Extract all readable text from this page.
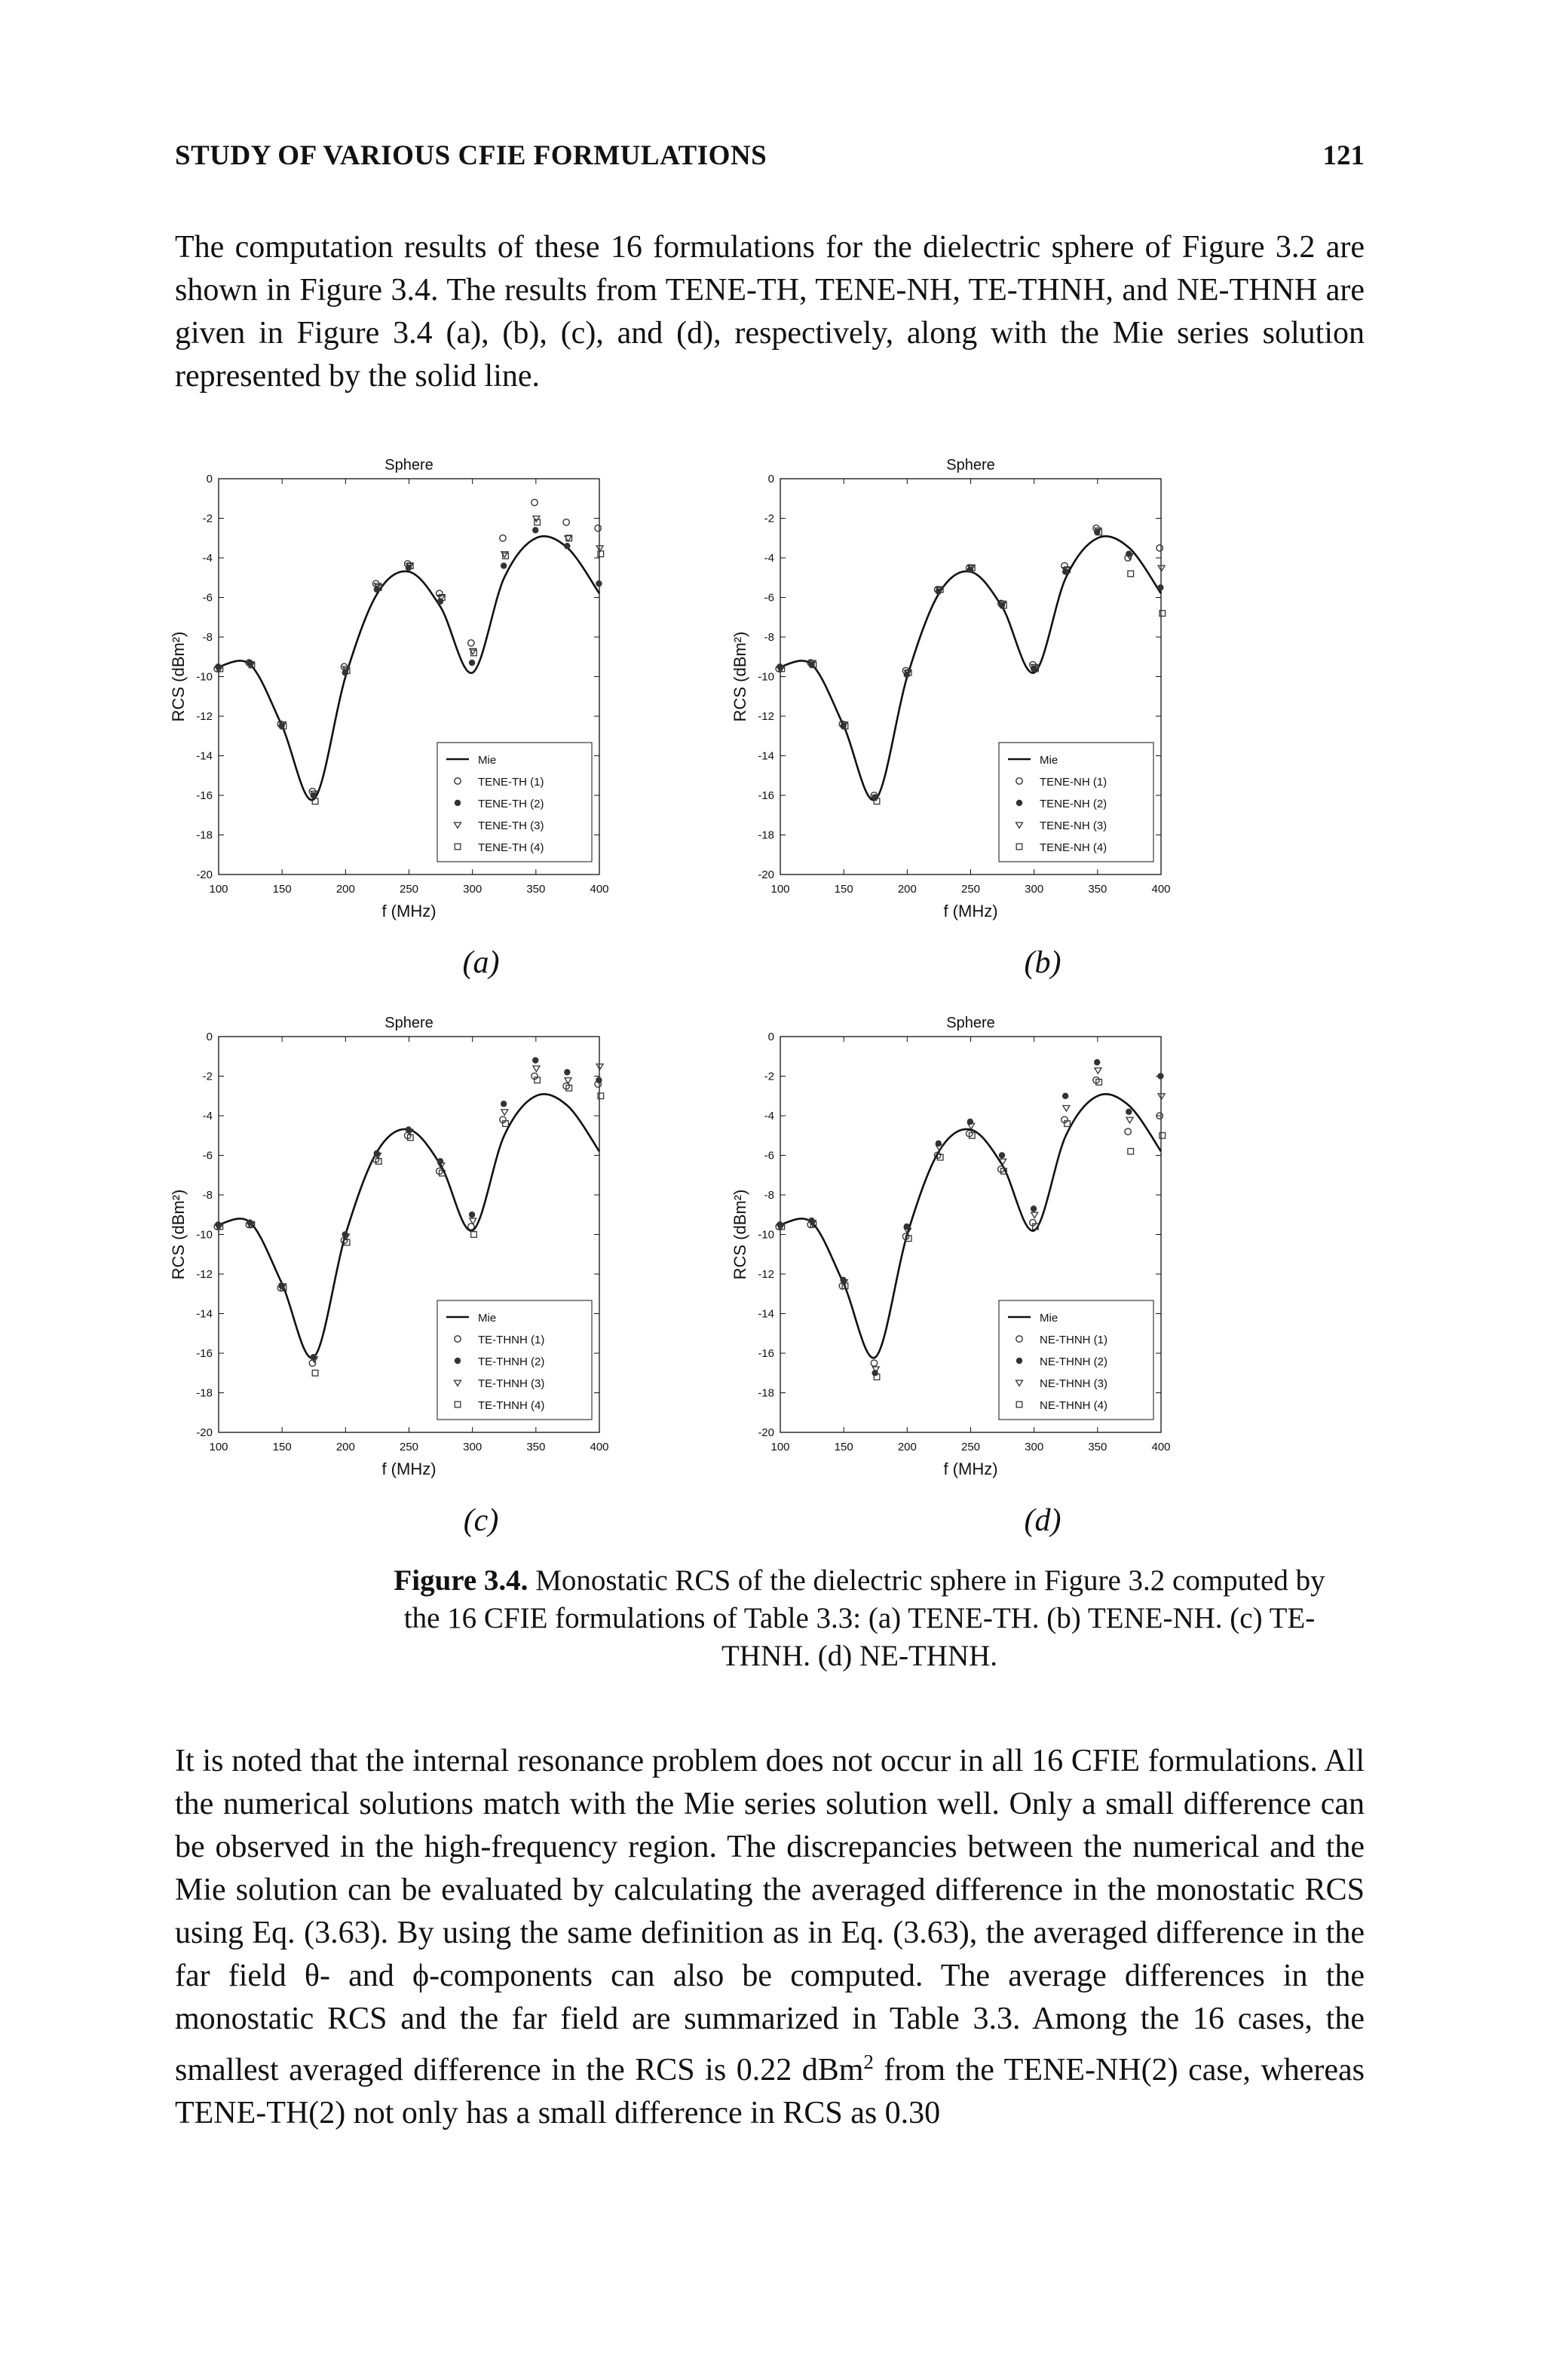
STUDY OF VARIOUS CFIE FORMULATIONS	121

The computation results of these 16 formulations for the dielectric sphere of Figure 3.2 are shown in Figure 3.4. The results from TENE-TH, TENE-NH, TE-THNH, and NE-THNH are given in Figure 3.4 (a), (b), (c), and (d), respectively, along with the Mie series solution represented by the solid line.

Sphere
100	150	200	250	300	350	400
0
-2
-4
-6
-8
-10
-12
-14
-16
-18
-20
f (MHz)
RCS (dBm²)
Mie
TENE-TH (1)
TENE-TH (2)
TENE-TH (3)
TENE-TH (4)
(a)
Sphere
100	150	200	250	300	350	400
0
-2
-4
-6
-8
-10
-12
-14
-16
-18
-20
f (MHz)
RCS (dBm²)
Mie
TENE-NH (1)
TENE-NH (2)
TENE-NH (3)
TENE-NH (4)
(b)
Sphere
100	150	200	250	300	350	400
0
-2
-4
-6
-8
-10
-12
-14
-16
-18
-20
f (MHz)
RCS (dBm²)
Mie
TE-THNH (1)
TE-THNH (2)
TE-THNH (3)
TE-THNH (4)
(c)
Sphere
100	150	200	250	300	350	400
0
-2
-4
-6
-8
-10
-12
-14
-16
-18
-20
f (MHz)
RCS (dBm²)
Mie
NE-THNH (1)
NE-THNH (2)
NE-THNH (3)
NE-THNH (4)
(d)
Figure 3.4. Monostatic RCS of the dielectric sphere in Figure 3.2 computed by the 16 CFIE formulations of Table 3.3: (a) TENE-TH. (b) TENE-NH. (c) TE-THNH. (d) NE-THNH.

It is noted that the internal resonance problem does not occur in all 16 CFIE formulations. All the numerical solutions match with the Mie series solution well. Only a small difference can be observed in the high-frequency region. The discrepancies between the numerical and the Mie solution can be evaluated by calculating the averaged difference in the monostatic RCS using Eq. (3.63). By using the same definition as in Eq. (3.63), the averaged difference in the far field θ- and ϕ-components can also be computed. The average differences in the monostatic RCS and the far field are summarized in Table 3.3. Among the 16 cases, the smallest averaged difference in the RCS is 0.22 dBm$^2$ from the TENE-NH(2) case, whereas TENE-TH(2) not only has a small difference in RCS as 0.30
